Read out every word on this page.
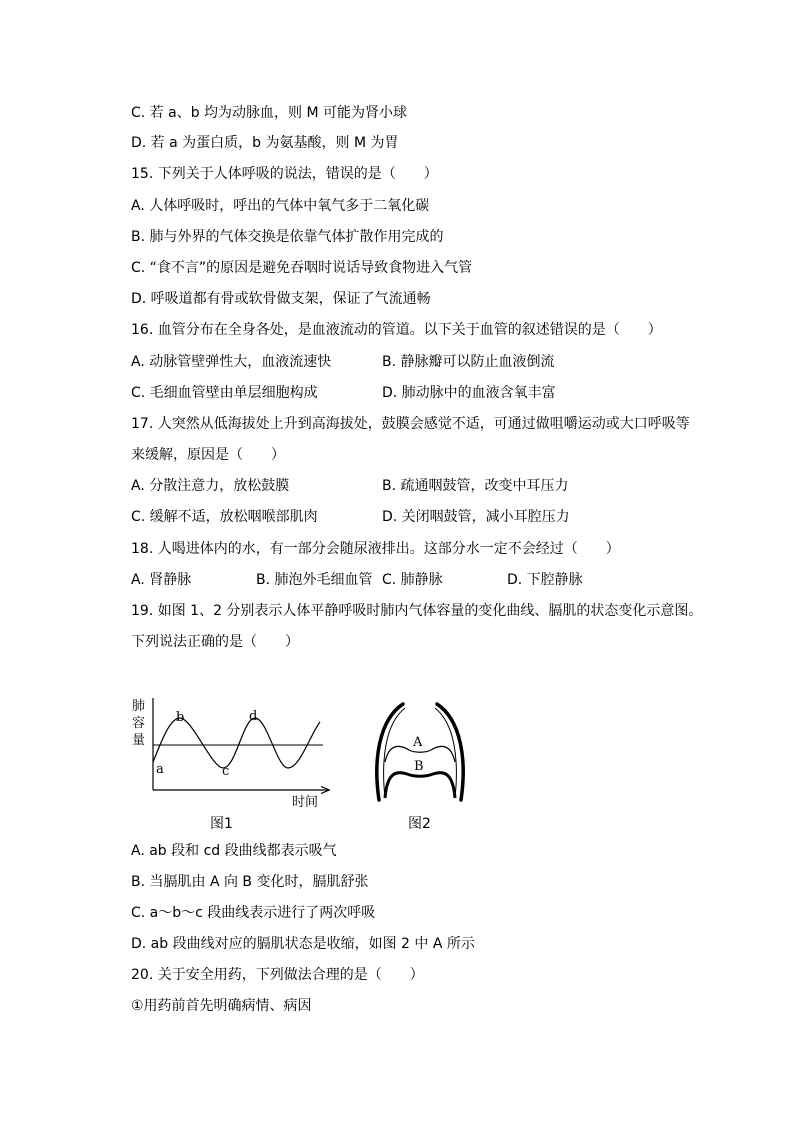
C. 若 a、b 均为动脉血，则 M 可能为肾小球
D. 若 a 为蛋白质，b 为氨基酸，则 M 为胃
15. 下列关于人体呼吸的说法，错误的是（　　）
A. 人体呼吸时，呼出的气体中氧气多于二氧化碳
B. 肺与外界的气体交换是依靠气体扩散作用完成的
C. “食不言”的原因是避免吞咽时说话导致食物进入气管
D. 呼吸道都有骨或软骨做支架，保证了气流通畅
16. 血管分布在全身各处，是血液流动的管道。以下关于血管的叙述错误的是（　　）
A. 动脉管壁弹性大，血液流速快	B. 静脉瓣可以防止血液倒流
C. 毛细血管壁由单层细胞构成	D. 肺动脉中的血液含氧丰富
17. 人突然从低海拔处上升到高海拔处，鼓膜会感觉不适，可通过做咀嚼运动或大口呼吸等
来缓解，原因是（　　）
A. 分散注意力，放松鼓膜	B. 疏通咽鼓管，改变中耳压力
C. 缓解不适，放松咽喉部肌肉	D. 关闭咽鼓管，减小耳腔压力
18. 人喝进体内的水，有一部分会随尿液排出。这部分水一定不会经过（　　）
A. 肾静脉	B. 肺泡外毛细血管 C. 肺静脉	D. 下腔静脉
19. 如图 1、2 分别表示人体平静呼吸时肺内气体容量的变化曲线、膈肌的状态变化示意图。
下列说法正确的是（　　）
a
b
c
d
肺
容
量
时间
图1
A
B
图2
A. ab 段和 cd 段曲线都表示吸气
B. 当膈肌由 A 向 B 变化时，膈肌舒张
C. a～b～c 段曲线表示进行了两次呼吸
D. ab 段曲线对应的膈肌状态是收缩，如图 2 中 A 所示
20. 关于安全用药，下列做法合理的是（　　）
①用药前首先明确病情、病因
